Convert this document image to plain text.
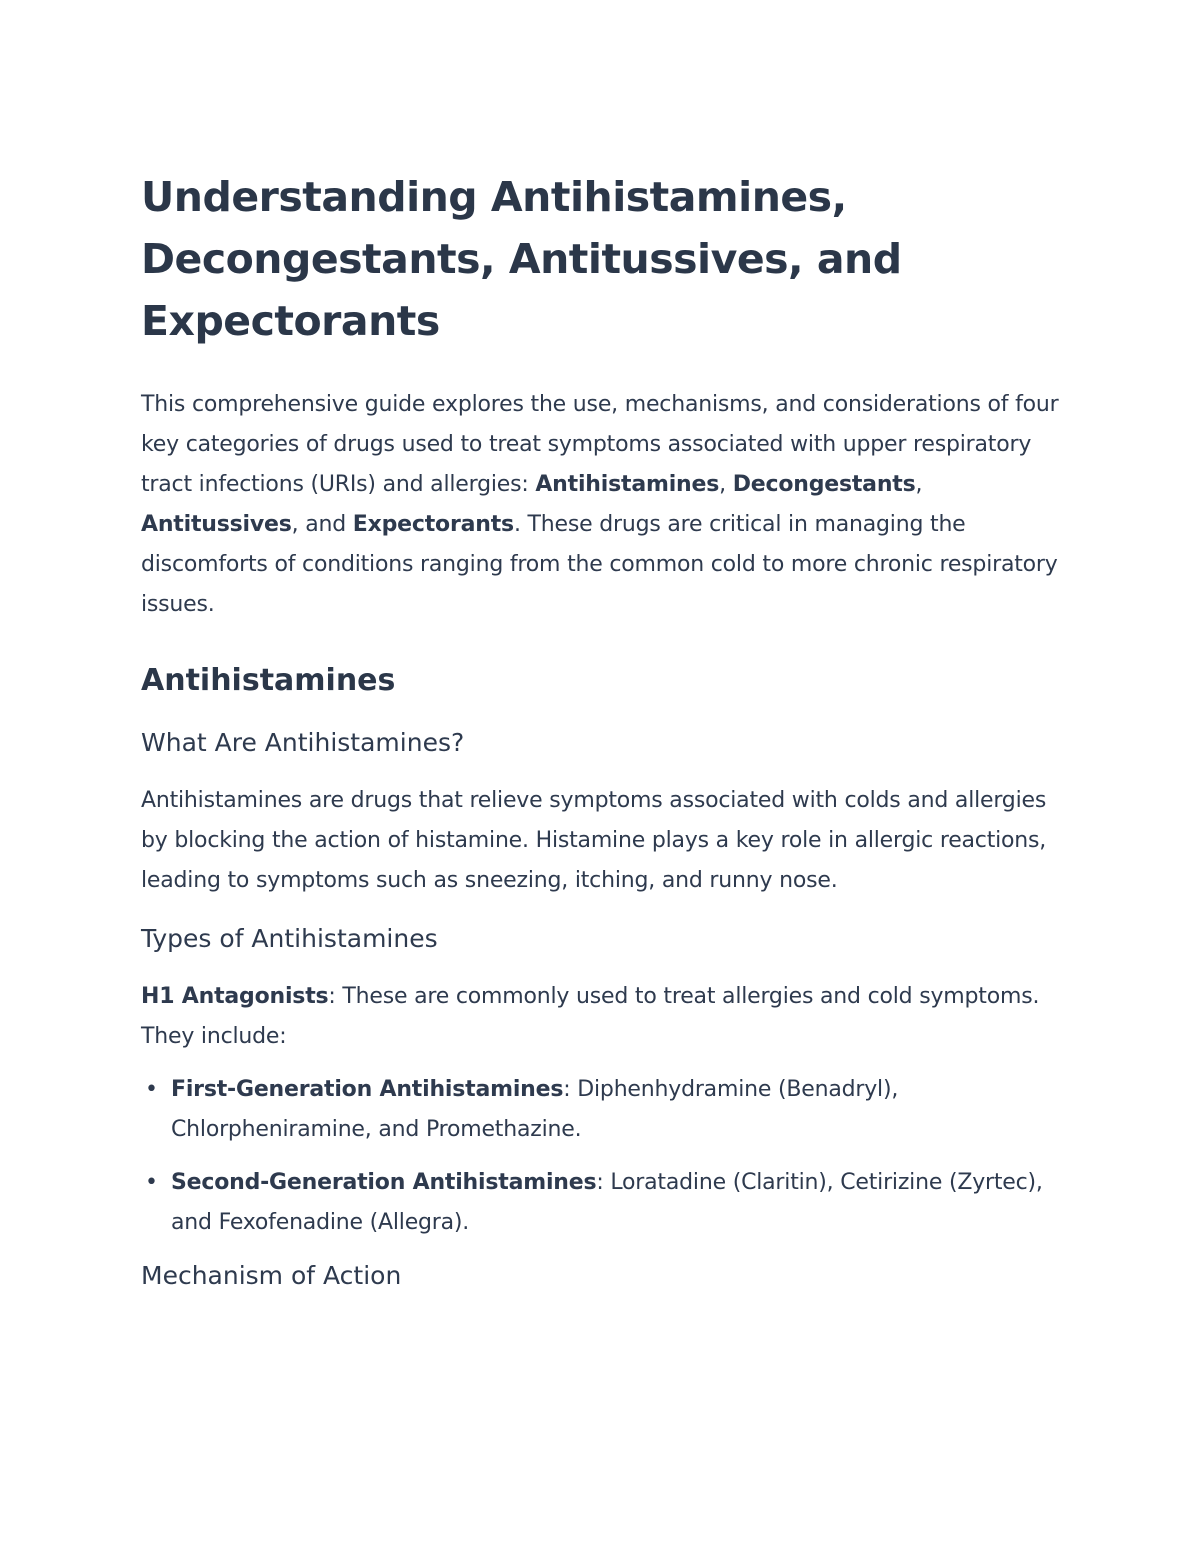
Understanding Antihistamines, Decongestants, Antitussives, and Expectorants

This comprehensive guide explores the use, mechanisms, and considerations of four key categories of drugs used to treat symptoms associated with upper respiratory tract infections (URIs) and allergies: Antihistamines, Decongestants, Antitussives, and Expectorants. These drugs are critical in managing the discomforts of conditions ranging from the common cold to more chronic respiratory issues.

Antihistamines
What Are Antihistamines?

Antihistamines are drugs that relieve symptoms associated with colds and allergies by blocking the action of histamine. Histamine plays a key role in allergic reactions, leading to symptoms such as sneezing, itching, and runny nose.

Types of Antihistamines

H1 Antagonists: These are commonly used to treat allergies and cold symptoms. They include:

• First-Generation Antihistamines: Diphenhydramine (Benadryl), Chlorpheniramine, and Promethazine.
• Second-Generation Antihistamines: Loratadine (Claritin), Cetirizine (Zyrtec), and Fexofenadine (Allegra).
Mechanism of Action
